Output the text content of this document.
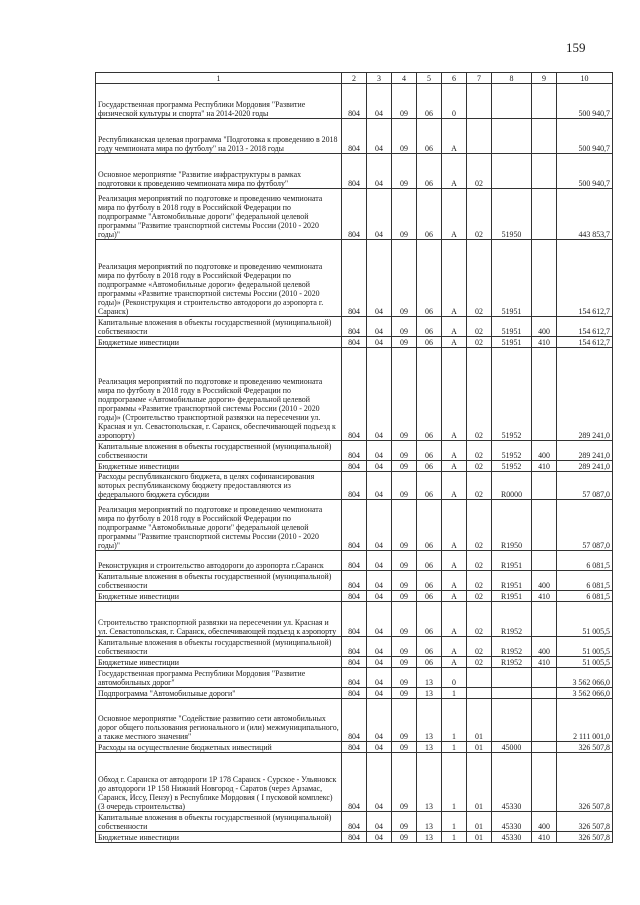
159
1	2	3	4	5	6	7	8	9	10
Государственная программа Республики Мордовия "Развитие физической культуры и спорта" на 2014-2020 годы	804	04	09	06	0				500 940,7
Республиканская целевая программа "Подготовка к проведению в 2018 году чемпионата мира по футболу" на 2013 - 2018 годы	804	04	09	06	А				500 940,7
Основное мероприятие "Развитие инфраструктуры в рамках подготовки к проведению чемпионата мира по футболу"	804	04	09	06	А	02			500 940,7
Реализация мероприятий по подготовке и проведению чемпионата мира по футболу в 2018 году в Российской Федерации по подпрограмме "Автомобильные дороги" федеральной целевой программы "Развитие транспортной системы России (2010 - 2020 годы)"	804	04	09	06	А	02	51950		443 853,7
Реализация мероприятий по подготовке и проведению чемпионата мира по футболу в 2018 году в Российской Федерации по подпрограмме «Автомобильные дороги» федеральной целевой программы «Развитие транспортной системы России (2010 - 2020 годы)» (Реконструкция и строительство автодороги до аэропорта г. Саранск)	804	04	09	06	А	02	51951		154 612,7
Капитальные вложения в объекты государственной (муниципальной) собственности	804	04	09	06	А	02	51951	400	154 612,7
Бюджетные инвестиции	804	04	09	06	А	02	51951	410	154 612,7
Реализация мероприятий по подготовке и проведению чемпионата мира по футболу в 2018 году в Российской Федерации по подпрограмме «Автомобильные дороги» федеральной целевой программы «Развитие транспортной системы России (2010 - 2020 годы)» (Строительство транспортной развязки на пересечении ул. Красная и ул. Севастопольская, г. Саранск, обеспечивающей подъезд к аэропорту)	804	04	09	06	А	02	51952		289 241,0
Капитальные вложения в объекты государственной (муниципальной) собственности	804	04	09	06	А	02	51952	400	289 241,0
Бюджетные инвестиции	804	04	09	06	А	02	51952	410	289 241,0
Расходы республиканского бюджета, в целях софинансирования которых республиканскому бюджету предоставляются из федерального бюджета субсидии	804	04	09	06	А	02	R0000		57 087,0
Реализация мероприятий по подготовке и проведению чемпионата мира по футболу в 2018 году в Российской Федерации по подпрограмме "Автомобильные дороги" федеральной целевой программы "Развитие транспортной системы России (2010 - 2020 годы)"	804	04	09	06	А	02	R1950		57 087,0
Реконструкция и строительство автодороги до аэропорта г.Саранск	804	04	09	06	А	02	R1951		6 081,5
Капитальные вложения в объекты государственной (муниципальной) собственности	804	04	09	06	А	02	R1951	400	6 081,5
Бюджетные инвестиции	804	04	09	06	А	02	R1951	410	6 081,5
Строительство транспортной развязки на пересечении ул. Красная и ул. Севастопольская, г. Саранск, обеспечивающей подъезд к аэропорту	804	04	09	06	А	02	R1952		51 005,5
Капитальные вложения в объекты государственной (муниципальной) собственности	804	04	09	06	А	02	R1952	400	51 005,5
Бюджетные инвестиции	804	04	09	06	А	02	R1952	410	51 005,5
Государственная программа Республики Мордовия "Развитие автомобильных дорог"	804	04	09	13	0				3 562 066,0
Подпрограмма "Автомобильные дороги"	804	04	09	13	1				3 562 066,0
Основное мероприятие "Содействие развитию сети автомобильных дорог общего пользования регионального и (или) межмуниципального, а также местного значения"	804	04	09	13	1	01			2 111 001,0
Расходы на осуществление бюджетных инвестиций	804	04	09	13	1	01	45000		326 507,8
Обход г. Саранска от автодороги 1Р 178 Саранск - Сурское - Ульяновск до автодороги 1Р 158 Нижний Новгород - Саратов (через Арзамас, Саранск, Иссу, Пензу) в Республике Мордовия ( I пусковой комплекс) (3 очередь строительства)	804	04	09	13	1	01	45330		326 507,8
Капитальные вложения в объекты государственной (муниципальной) собственности	804	04	09	13	1	01	45330	400	326 507,8
Бюджетные инвестиции	804	04	09	13	1	01	45330	410	326 507,8
